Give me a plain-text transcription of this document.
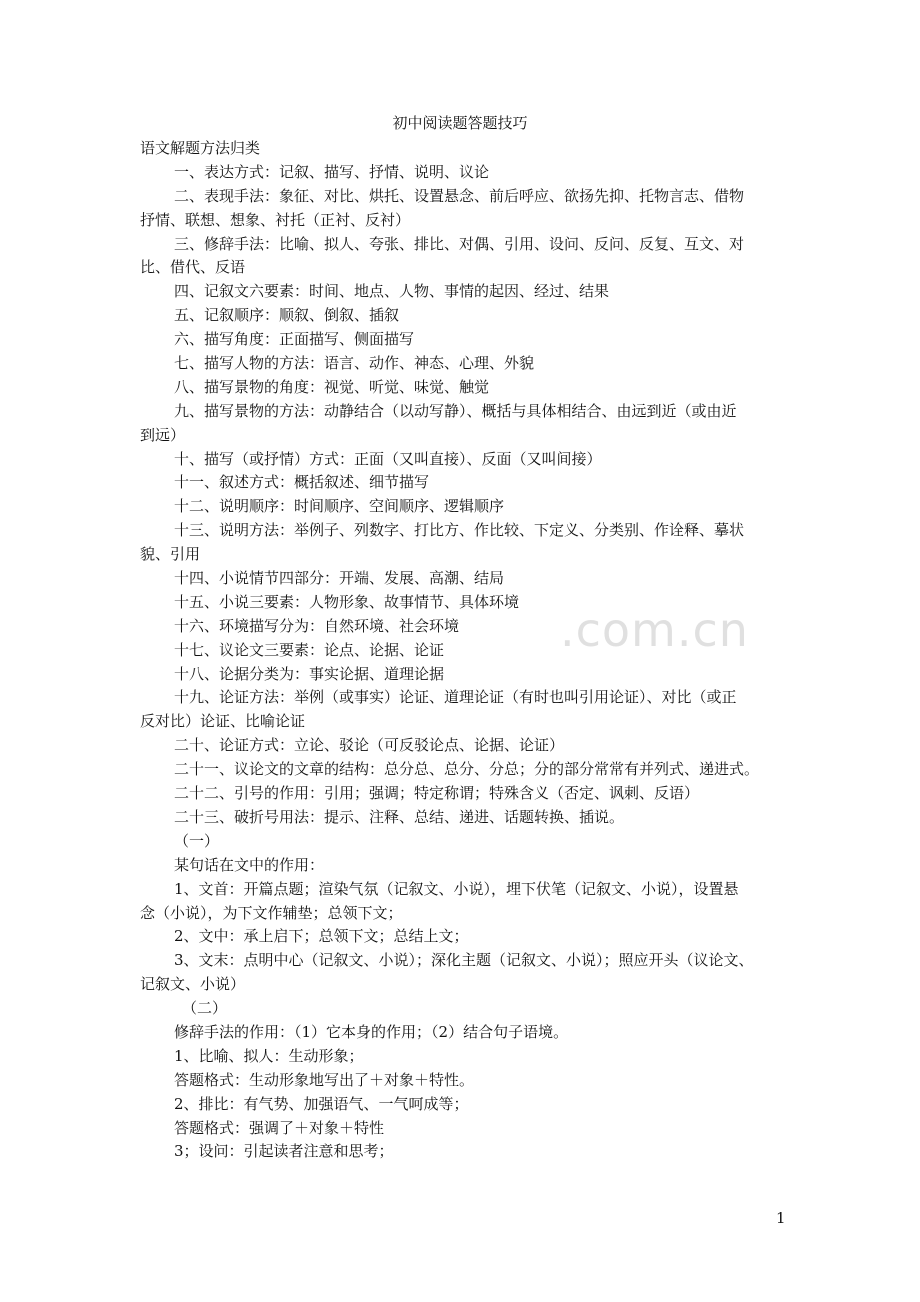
初中阅读题答题技巧
语文解题方法归类
一、表达方式：记叙、描写、抒情、说明、议论
二、表现手法：象征、对比、烘托、设置悬念、前后呼应、欲扬先抑、托物言志、借物
抒情、联想、想象、衬托（正衬、反衬）
三、修辞手法：比喻、拟人、夸张、排比、对偶、引用、设问、反问、反复、互文、对
比、借代、反语
四、记叙文六要素：时间、地点、人物、事情的起因、经过、结果
五、记叙顺序：顺叙、倒叙、插叙
六、描写角度：正面描写、侧面描写
七、描写人物的方法：语言、动作、神态、心理、外貌
八、描写景物的角度：视觉、听觉、味觉、触觉
九、描写景物的方法：动静结合（以动写静）、概括与具体相结合、由远到近（或由近
到远）
十、描写（或抒情）方式：正面（又叫直接）、反面（又叫间接）
十一、叙述方式：概括叙述、细节描写
十二、说明顺序：时间顺序、空间顺序、逻辑顺序
十三、说明方法：举例子、列数字、打比方、作比较、下定义、分类别、作诠释、摹状
貌、引用
十四、小说情节四部分：开端、发展、高潮、结局
十五、小说三要素：人物形象、故事情节、具体环境
十六、环境描写分为：自然环境、社会环境
十七、议论文三要素：论点、论据、论证
十八、论据分类为：事实论据、道理论据
十九、论证方法：举例（或事实）论证、道理论证（有时也叫引用论证）、对比（或正
反对比）论证、比喻论证
二十、论证方式：立论、驳论（可反驳论点、论据、论证）
二十一、议论文的文章的结构：总分总、总分、分总；分的部分常常有并列式、递进式。
二十二、引号的作用：引用；强调；特定称谓；特殊含义（否定、讽刺、反语）
二十三、破折号用法：提示、注释、总结、递进、话题转换、插说。
（一）
某句话在文中的作用：
1、文首：开篇点题；渲染气氛（记叙文、小说），埋下伏笔（记叙文、小说），设置悬
念（小说），为下文作辅垫；总领下文；
2、文中：承上启下；总领下文；总结上文；
3、文末：点明中心（记叙文、小说）；深化主题（记叙文、小说）；照应开头（议论文、
记叙文、小说）
（二）
修辞手法的作用：（1）它本身的作用；（2）结合句子语境。
1、比喻、拟人：生动形象；
答题格式：生动形象地写出了＋对象＋特性。
2、排比：有气势、加强语气、一气呵成等；
答题格式：强调了＋对象＋特性
3；设问：引起读者注意和思考；
.com.cn
1
